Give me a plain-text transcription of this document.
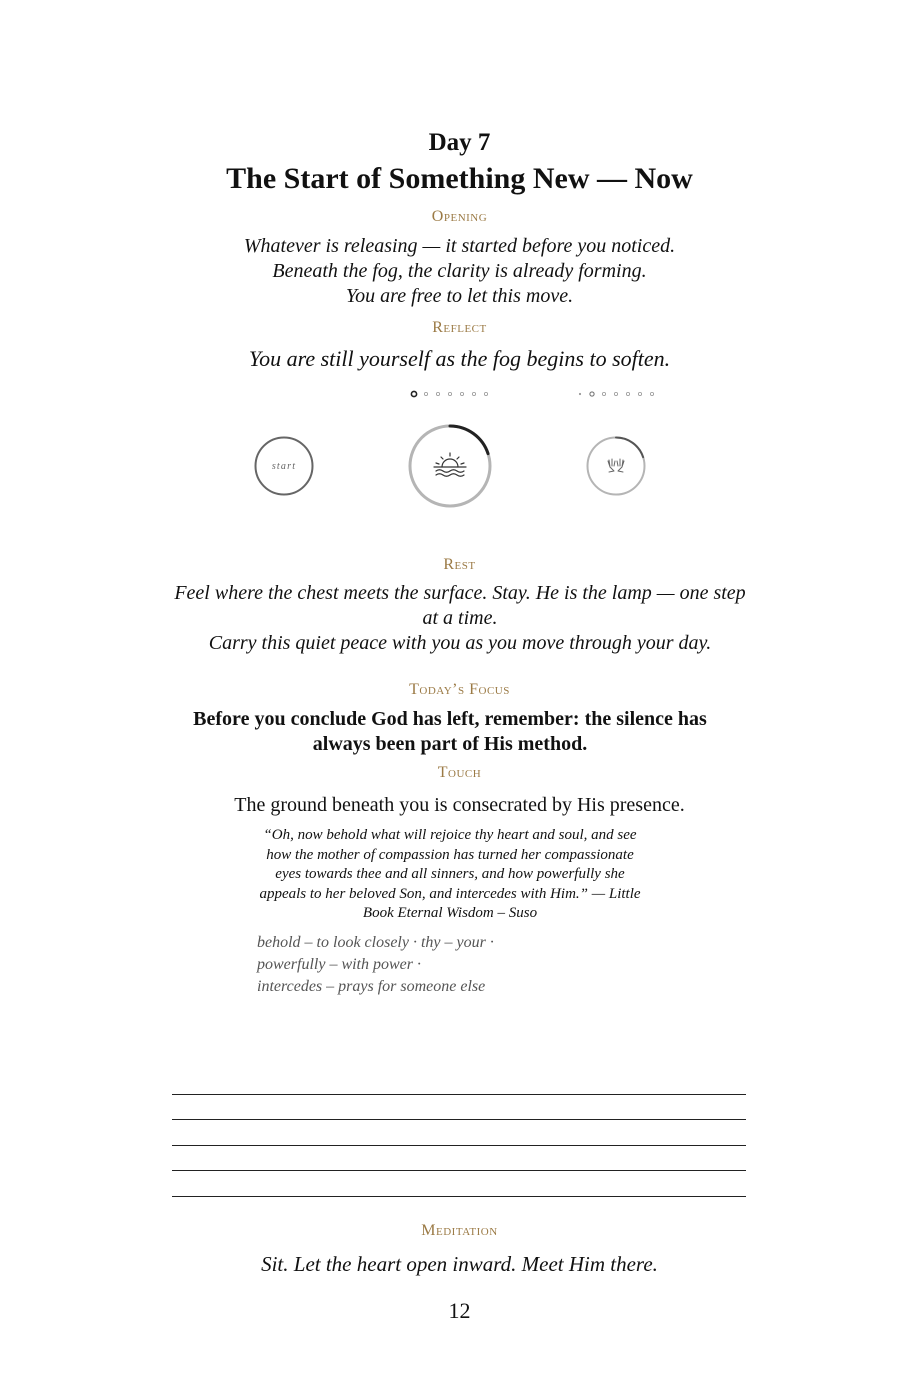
Day 7
The Start of Something New — Now
Opening
Whatever is releasing — it started before you noticed.
Beneath the fog, the clarity is already forming.
You are free to let this move.
Reflect
You are still yourself as the fog begins to soften.
start
Rest
Feel where the chest meets the surface. Stay. He is the lamp — one step at a time.
Carry this quiet peace with you as you move through your day.
Today’s Focus
Before you conclude God has left, remember: the silence has always been part of His method.
Touch
The ground beneath you is consecrated by His presence.
“Oh, now behold what will rejoice thy heart and soul, and see how the mother of compassion has turned her compassionate eyes towards thee and all sinners, and how powerfully she appeals to her beloved Son, and intercedes with Him.” — Little Book Eternal Wisdom – Suso
behold – to look closely · thy – your ·
powerfully – with power ·
intercedes – prays for someone else
Meditation
Sit. Let the heart open inward. Meet Him there.
12
